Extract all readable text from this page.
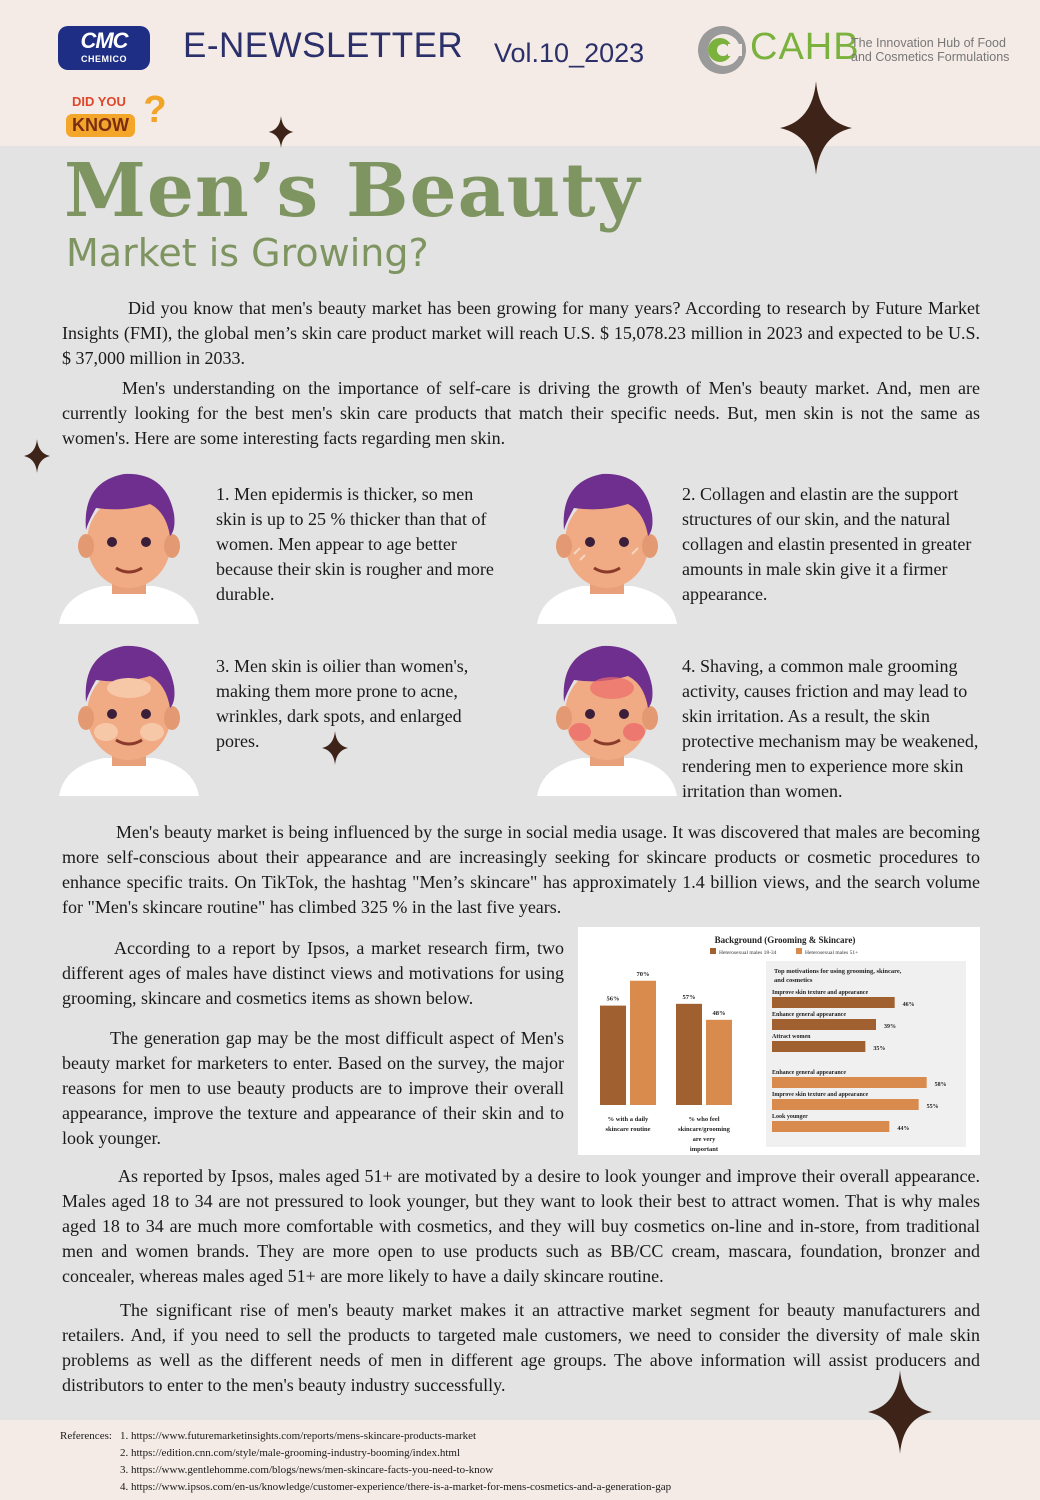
CMC
CHEMICO	E-NEWSLETTER Vol.10_2023	CAHB
The Innovation Hub of Food and Cosmetics Formulations
DID YOU
KNOW ?
Men’s Beauty
Market is Growing?

Did you know that men's beauty market has been growing for many years? According to research by Future Market Insights (FMI), the global men’s skin care product market will reach U.S. $ 15,078.23 million in 2023 and expected to be U.S. $ 37,000 million in 2033.

Men's understanding on the importance of self-care is driving the growth of Men's beauty market. And, men are currently looking for the best men's skin care products that match their specific needs. But, men skin is not the same as women's. Here are some interesting facts regarding men skin.

1. Men epidermis is thicker, so men skin is up to 25 % thicker than that of women. Men appear to age better because their skin is rougher and more durable.

2. Collagen and elastin are the support structures of our skin, and the natural collagen and elastin presented in greater amounts in male skin give it a firmer appearance.

3. Men skin is oilier than women's, making them more prone to acne, wrinkles, dark spots, and enlarged pores.

4. Shaving, a common male grooming activity, causes friction and may lead to skin irritation. As a result, the skin protective mechanism may be weakened, rendering men to experience more skin irritation than women.

Men's beauty market is being influenced by the surge in social media usage. It was discovered that males are becoming more self-conscious about their appearance and are increasingly seeking for skincare products or cosmetic procedures to enhance specific traits. On TikTok, the hashtag "Men’s skincare" has approximately 1.4 billion views, and the search volume for "Men's skincare routine" has climbed 325 % in the last five years.

According to a report by Ipsos, a market research firm, two different ages of males have distinct views and motivations for using grooming, skincare and cosmetics items as shown below.

The generation gap may be the most difficult aspect of Men's beauty market for marketers to enter. Based on the survey, the major reasons for men to use beauty products are to improve their overall appearance, improve the texture and appearance of their skin and to look younger.

Background (Grooming & Skincare)
Heterosexual males 18-34	Heterosexual males 51+
56%
70%
% with a daily
skincare routine
57%
48%
% who feel
skincare/grooming
are very
important
Top motivations for using grooming, skincare,
and cosmetics
Improve skin texture and appearance
46%
Enhance general appearance
39%
Attract women
35%
Enhance general appearance
58%
Improve skin texture and appearance
55%
Look younger
44%

As reported by Ipsos, males aged 51+ are motivated by a desire to look younger and improve their overall appearance. Males aged 18 to 34 are not pressured to look younger, but they want to look their best to attract women. That is why males aged 18 to 34 are much more comfortable with cosmetics, and they will buy cosmetics on-line and in-store, from traditional men and women brands. They are more open to use products such as BB/CC cream, mascara, foundation, bronzer and concealer, whereas males aged 51+ are more likely to have a daily skincare routine.

The significant rise of men's beauty market makes it an attractive market segment for beauty manufacturers and retailers. And, if you need to sell the products to targeted male customers, we need to consider the diversity of male skin problems as well as the different needs of men in different age groups. The above information will assist producers and distributors to enter to the men's beauty industry successfully.

References: 1. https://www.futuremarketinsights.com/reports/mens-skincare-products-market
2. https://edition.cnn.com/style/male-grooming-industry-booming/index.html
3. https://www.gentlehomme.com/blogs/news/men-skincare-facts-you-need-to-know
4. https://www.ipsos.com/en-us/knowledge/customer-experience/there-is-a-market-for-mens-cosmetics-and-a-generation-gap
